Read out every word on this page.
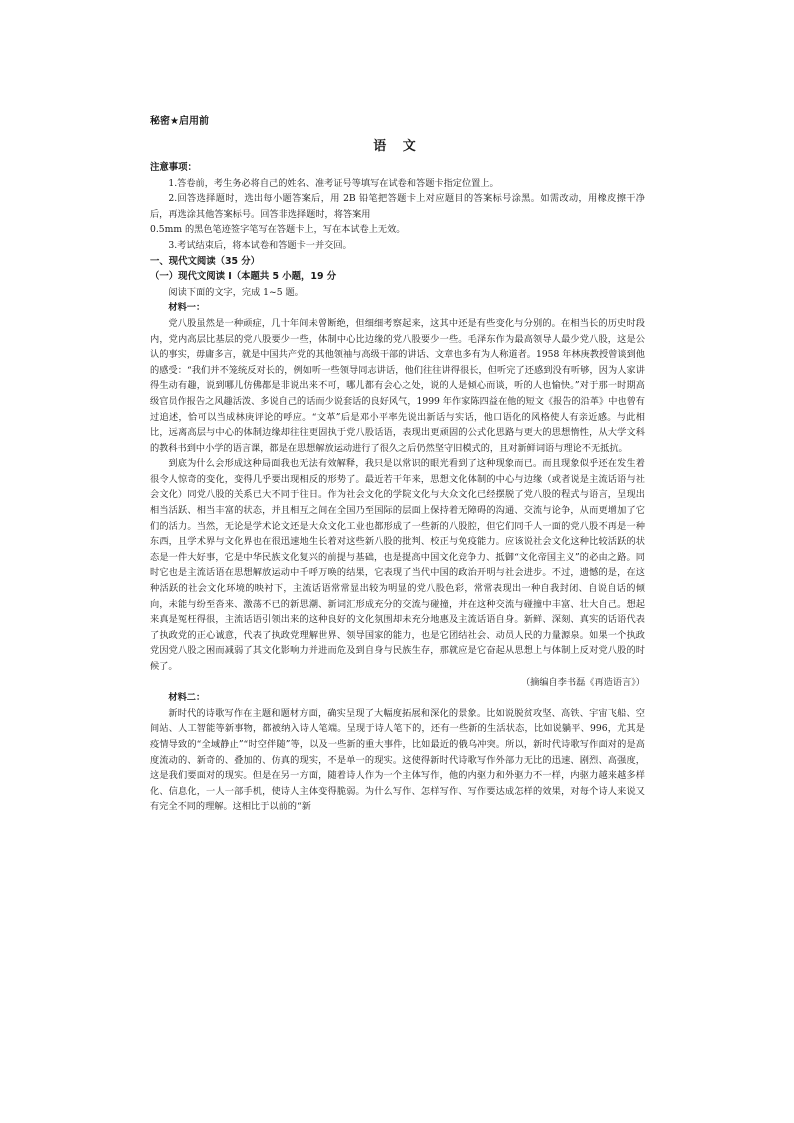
秘密★启用前

语 文

注意事项：

1.答卷前，考生务必将自己的姓名、准考证号等填写在试卷和答题卡指定位置上。

2.回答选择题时，选出每小题答案后，用 2B 铅笔把答题卡上对应题目的答案标号涂黑。如需改动，用橡皮擦干净后，再选涂其他答案标号。回答非选择题时，将答案用

0.5mm 的黑色笔迹签字笔写在答题卡上，写在本试卷上无效。

3.考试结束后，将本试卷和答题卡一并交回。

一、现代文阅读（35 分）

（一）现代文阅读 I（本题共 5 小题，19 分

阅读下面的文字，完成 1~5 题。

材料一：

党八股虽然是一种顽症，几十年间未曾断绝，但细细考察起来，这其中还是有些变化与分别的。在相当长的历史时段内，党内高层比基层的党八股要少一些，体制中心比边缘的党八股要少一些。毛泽东作为最高领导人最少党八股，这是公认的事实，毋庸多言，就是中国共产党的其他领袖与高级干部的讲话、文章也多有为人称道者。1958 年林庚教授曾谈到他的感受：“我们并不笼统反对长的，例如听一些领导同志讲话，他们往往讲得很长，但听完了还感到没有听够，因为人家讲得生动有趣，说到哪儿仿佛都是非说出来不可，哪儿都有会心之处，说的人是倾心而谈，听的人也愉快。”对于那一时期高级官员作报告之风趣活泼、多说自己的话而少说套话的良好风气，1999 年作家陈四益在他的短文《报告的沿革》中也曾有过追述，恰可以当成林庚评论的呼应。“文革”后是邓小平率先说出新话与实话，他口语化的风格使人有亲近感。与此相比，远离高层与中心的体制边缘却往往更固执于党八股话语，表现出更顽固的公式化思路与更大的思想惰性，从大学文科的教科书到中小学的语言课，都是在思想解放运动进行了很久之后仍然坚守旧模式的，且对新鲜词语与理论不无抵抗。

到底为什么会形成这种局面我也无法有效解释，我只是以常识的眼光看到了这种现象而已。而且现象似乎还在发生着很令人惊奇的变化，变得几乎要出现相反的形势了。最近若干年来，思想文化体制的中心与边缘（或者说是主流话语与社会文化）同党八股的关系已大不同于往日。作为社会文化的学院文化与大众文化已经摆脱了党八股的程式与语言，呈现出相当活跃、相当丰富的状态，并且相互之间在全国乃至国际的层面上保持着无障碍的沟通、交流与论争，从而更增加了它们的活力。当然，无论是学术论文还是大众文化工业也都形成了一些新的八股腔，但它们同千人一面的党八股不再是一种东西，且学术界与文化界也在很迅速地生长着对这些新八股的批判、校正与免疫能力。应该说社会文化这种比较活跃的状态是一件大好事，它是中华民族文化复兴的前提与基础，也是提高中国文化竞争力、抵御“文化帝国主义”的必由之路。同时它也是主流话语在思想解放运动中千呼万唤的结果，它表现了当代中国的政治开明与社会进步。不过，遗憾的是，在这种活跃的社会文化环境的映衬下，主流话语常常显出较为明显的党八股色彩，常常表现出一种自我封闭、自说自话的倾向，未能与纷至沓来、激荡不已的新思潮、新词汇形成充分的交流与碰撞，并在这种交流与碰撞中丰富、壮大自己。想起来真是冤枉得很，主流话语引领出来的这种良好的文化氛围却未充分地惠及主流话语自身。新鲜、深刻、真实的话语代表了执政党的正心诚意，代表了执政党理解世界、领导国家的能力，也是它团结社会、动员人民的力量源泉。如果一个执政党因党八股之困而减弱了其文化影响力并进而危及到自身与民族生存，那就应是它奋起从思想上与体制上反对党八股的时候了。

（摘编自李书磊《再造语言》）

材料二：

新时代的诗歌写作在主题和题材方面，确实呈现了大幅度拓展和深化的景象。比如说脱贫攻坚、高铁、宇宙飞船、空间站、人工智能等新事物，都被纳入诗人笔端。呈现于诗人笔下的，还有一些新的生活状态，比如说躺平、996，尤其是疫情导致的“全域静止”“时空伴随”等，以及一些新的重大事件，比如最近的俄乌冲突。所以，新时代诗歌写作面对的是高度流动的、新奇的、叠加的、仿真的现实，不是单一的现实。这使得新时代诗歌写作外部力无比的迅速、剧烈、高强度，这是我们要面对的现实。但是在另一方面，随着诗人作为一个主体写作，他的内驱力和外驱力不一样，内驱力越来越多样化、信息化，一人一部手机，使诗人主体变得脆弱。为什么写作、怎样写作、写作要达成怎样的效果，对每个诗人来说又有完全不同的理解。这相比于以前的“新
